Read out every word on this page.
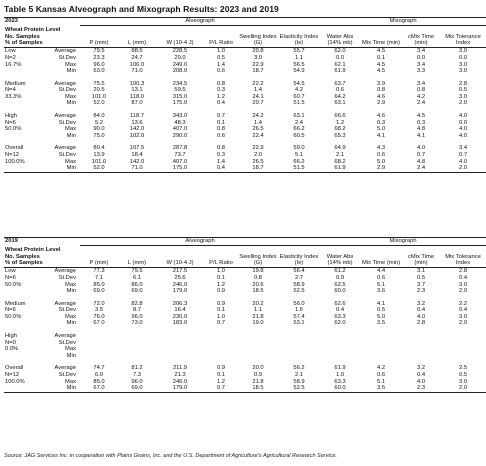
Table 5 Kansas Alveograph and Mixograph Results: 2023 and 2019
2023		Alveograph						Mixograph			
Wheat Protein Level
No. Samples
% of Samples		P (mm)	L (mm)	W (10-4 J)	P/L Ratio	Swelling Index (G)	Elasticity Index (Ie)	Water Abs (14% mb)	Mix Time (min)	cMix Time (min)	Mix Tolerance Index
Low	Average	79.5	88.5	228.5	1.0	20.8	55.7	62.0	4.5	3.4	3.0
N=2	St.Dev	23.3	24.7	29.0	0.5	3.0	1.1	0.0	0.1	0.0	0.0
16.7%	Max	96.0	106.0	249.0	1.4	22.9	56.5	62.1	4.5	3.4	3.0
	Min	63.0	71.0	208.0	0.6	18.7	54.9	61.9	4.5	3.3	3.0

Medium	Average	75.5	100.3	234.5	0.8	22.2	54.5	63.7	3.9	3.4	2.8
N=4	St.Dev	20.5	13.1	59.5	0.3	1.4	4.2	0.6	0.8	0.8	0.5
33.3%	Max	101.0	118.0	315.0	1.2	24.1	60.7	64.2	4.6	4.2	3.0
	Min	52.0	87.0	175.0	0.4	20.7	51.5	63.1	2.9	2.4	2.0

High	Average	84.0	118.7	343.0	0.7	24.2	63.1	66.6	4.6	4.5	4.0
N=6	St.Dev	5.2	13.6	48.3	0.1	1.4	2.4	1.2	0.3	0.3	0.0
50.0%	Max	90.0	142.0	407.0	0.8	26.5	66.2	68.2	5.0	4.8	4.0
	Min	75.0	102.0	290.0	0.6	22.4	60.5	65.3	4.1	4.1	4.0

Overall	Average	80.4	107.5	287.8	0.8	22.9	59.0	64.9	4.3	4.0	3.4
N=12	St.Dev	13.9	18.4	73.7	0.3	2.0	5.1	2.1	0.6	0.7	0.7
100.0%	Max	101.0	142.0	407.0	1.4	26.5	66.2	68.2	5.0	4.8	4.0
	Min	52.0	71.0	175.0	0.4	18.7	51.5	61.9	2.9	2.4	2.0
2019		Alveograph						Mixograph			
Wheat Protein Level
No. Samples
% of Samples		P (mm)	L (mm)	W (10-4 J)	P/L Ratio	Swelling Index (G)	Elasticity Index (Ie)	Water Abs (14% mb)	Mix Time (min)	cMix Time (min)	Mix Tolerance Index
Low	Average	77.3	79.5	217.5	1.0	19.8	56.4	61.2	4.4	3.1	2.8
N=6	St.Dev	7.1	6.1	25.6	0.1	0.8	2.7	0.9	0.6	0.5	0.4
50.0%	Max	85.0	86.0	246.0	1.2	20.6	58.9	62.5	5.1	3.7	3.0
	Min	69.0	69.0	179.0	0.9	18.5	52.5	60.0	3.6	2.3	2.0

Medium	Average	72.0	82.8	206.3	0.9	20.2	56.0	62.6	4.1	3.2	2.2
N=6	St.Dev	3.5	8.7	16.4	0.1	1.1	1.6	0.4	0.5	0.4	0.4
50.0%	Max	76.0	96.0	230.0	1.0	21.8	57.4	63.3	5.0	4.0	3.0
	Min	67.0	73.0	183.0	0.7	19.0	53.1	62.0	3.5	2.8	2.0

High	Average										
N=0	St.Dev										
0.0%	Max										
	Min										

Overall	Average	74.7	81.2	211.9	0.9	20.0	56.2	61.9	4.2	3.2	2.5
N=12	St.Dev	6.0	7.3	21.3	0.1	0.9	2.1	1.0	0.6	0.4	0.5
100.0%	Max	85.0	96.0	246.0	1.2	21.8	58.9	63.3	5.1	4.0	3.0
	Min	67.0	69.0	179.0	0.7	18.5	52.5	60.0	3.5	2.3	2.0
Source: JAG Services Inc. in cooperation with Plains Grains, Inc. and the U.S. Department of Agriculture's Agricultural Research Service.
